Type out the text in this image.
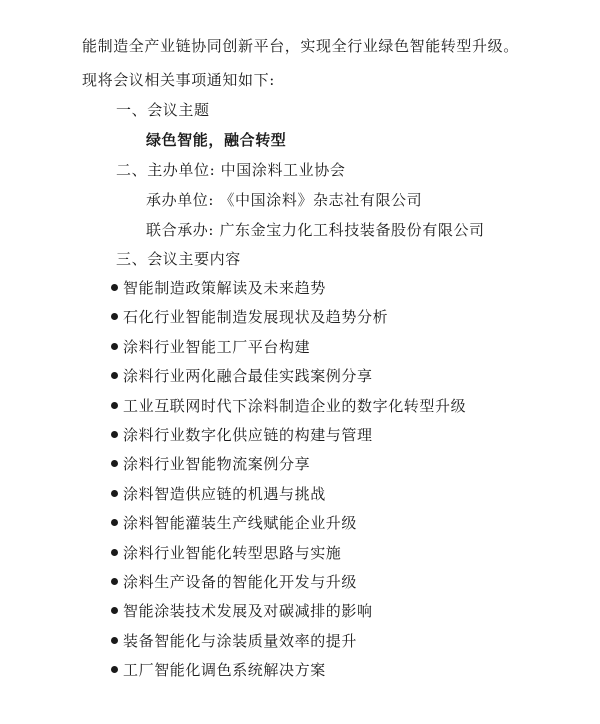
能制造全产业链协同创新平台，实现全行业绿色智能转型升级。
现将会议相关事项通知如下:
一、会议主题
绿色智能，融合转型
二、主办单位: 中国涂料工业协会
承办单位: 《中国涂料》杂志社有限公司
联合承办: 广东金宝力化工科技装备股份有限公司
三、会议主要内容
智能制造政策解读及未来趋势
石化行业智能制造发展现状及趋势分析
涂料行业智能工厂平台构建
涂料行业两化融合最佳实践案例分享
工业互联网时代下涂料制造企业的数字化转型升级
涂料行业数字化供应链的构建与管理
涂料行业智能物流案例分享
涂料智造供应链的机遇与挑战
涂料智能灌装生产线赋能企业升级
涂料行业智能化转型思路与实施
涂料生产设备的智能化开发与升级
智能涂装技术发展及对碳减排的影响
装备智能化与涂装质量效率的提升
工厂智能化调色系统解决方案
